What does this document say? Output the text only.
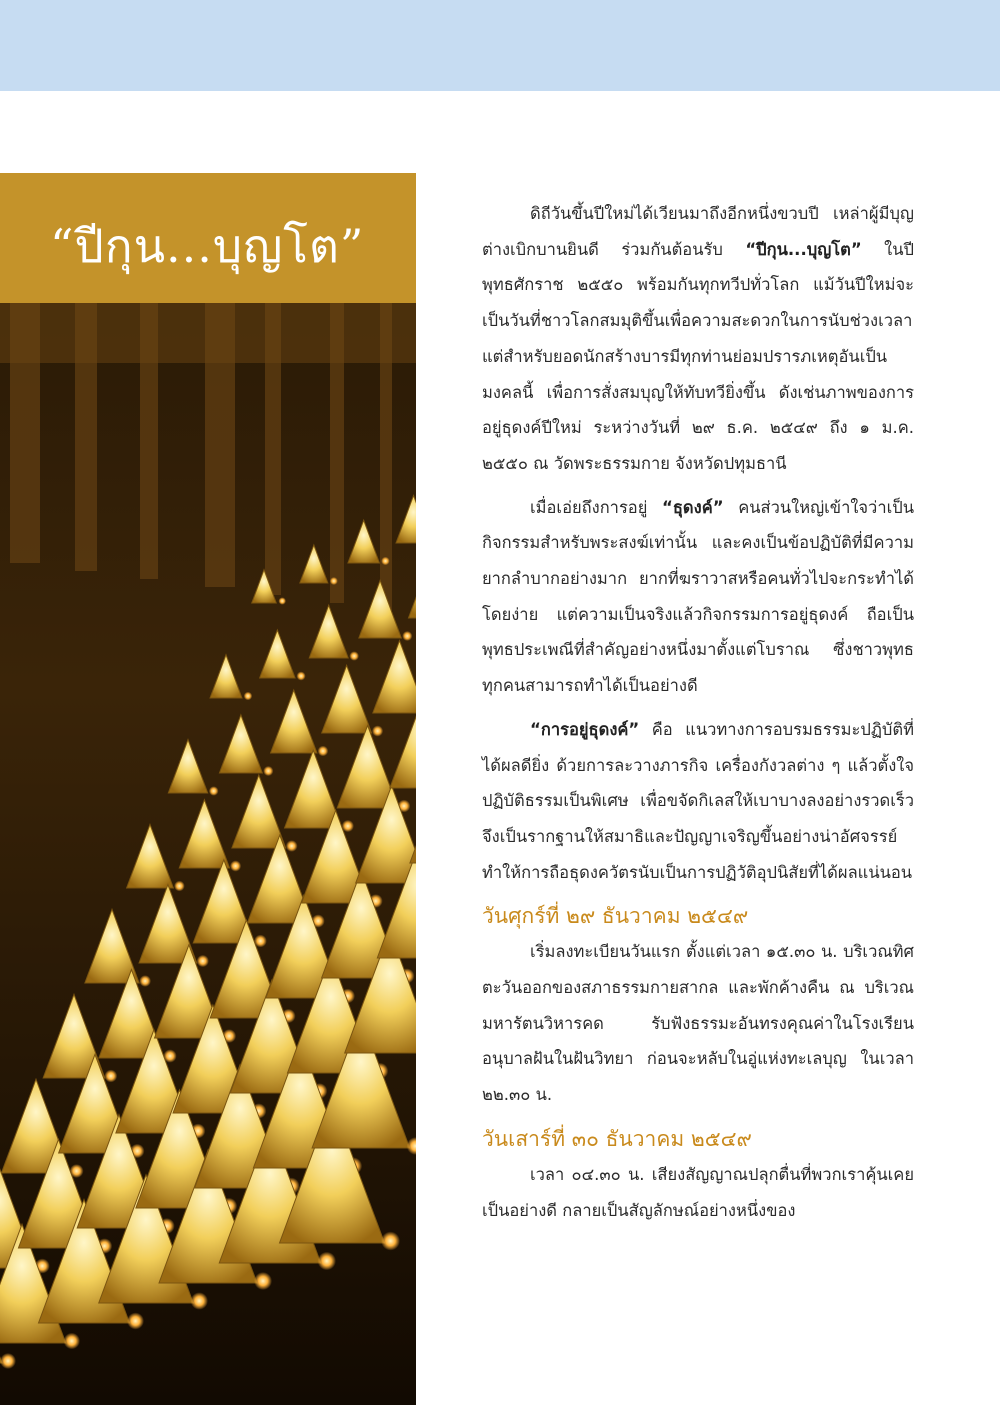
“ปีกุน...บุญโต”

ดิถีวันขึ้นปีใหม่ได้เวียนมาถึงอีกหนึ่งขวบปี เหล่าผู้มีบุญต่างเบิกบานยินดี ร่วมกันต้อนรับ “ปีกุน...บุญโต” ในปีพุทธศักราช ๒๕๕๐ พร้อมกันทุกทวีปทั่วโลก แม้วันปีใหม่จะเป็นวันที่ชาวโลกสมมุติขึ้นเพื่อความสะดวกในการนับช่วงเวลา แต่สำหรับยอดนักสร้างบารมีทุกท่านย่อมปรารภเหตุอันเป็นมงคลนี้ เพื่อการสั่งสมบุญให้ทับทวียิ่งขึ้น ดังเช่นภาพของการอยู่ธุดงค์ปีใหม่ ระหว่างวันที่ ๒๙ ธ.ค. ๒๕๔๙ ถึง ๑ ม.ค. ๒๕๕๐ ณ วัดพระธรรมกาย จังหวัดปทุมธานี

เมื่อเอ่ยถึงการอยู่ “ธุดงค์” คนส่วนใหญ่เข้าใจว่าเป็นกิจกรรมสำหรับพระสงฆ์เท่านั้น และคงเป็นข้อปฏิบัติที่มีความยากลำบากอย่างมาก ยากที่ฆราวาสหรือคนทั่วไปจะกระทำได้โดยง่าย แต่ความเป็นจริงแล้วกิจกรรมการอยู่ธุดงค์ ถือเป็นพุทธประเพณีที่สำคัญอย่างหนึ่งมาตั้งแต่โบราณ ซึ่งชาวพุทธทุกคนสามารถทำได้เป็นอย่างดี

“การอยู่ธุดงค์” คือ แนวทางการอบรมธรรมะปฏิบัติที่ได้ผลดียิ่ง ด้วยการละวางภารกิจ เครื่องกังวลต่าง ๆ แล้วตั้งใจปฏิบัติธรรมเป็นพิเศษ เพื่อขจัดกิเลสให้เบาบางลงอย่างรวดเร็ว จึงเป็นรากฐานให้สมาธิและปัญญาเจริญขึ้นอย่างน่าอัศจรรย์ ทำให้การถือธุดงควัตรนับเป็นการปฏิวัติอุปนิสัยที่ได้ผลแน่นอน

วันศุกร์ที่ ๒๙ ธันวาคม ๒๕๔๙

เริ่มลงทะเบียนวันแรก ตั้งแต่เวลา ๑๕.๓๐ น. บริเวณทิศตะวันออกของสภาธรรมกายสากล และพักค้างคืน ณ บริเวณมหารัตนวิหารคด รับฟังธรรมะอันทรงคุณค่าในโรงเรียนอนุบาลฝันในฝันวิทยา ก่อนจะหลับในอู่แห่งทะเลบุญ ในเวลา ๒๒.๓๐ น.

วันเสาร์ที่ ๓๐ ธันวาคม ๒๕๔๙

เวลา ๐๔.๓๐ น. เสียงสัญญาณปลุกตื่นที่พวกเราคุ้นเคยเป็นอย่างดี กลายเป็นสัญลักษณ์อย่างหนึ่งของ
